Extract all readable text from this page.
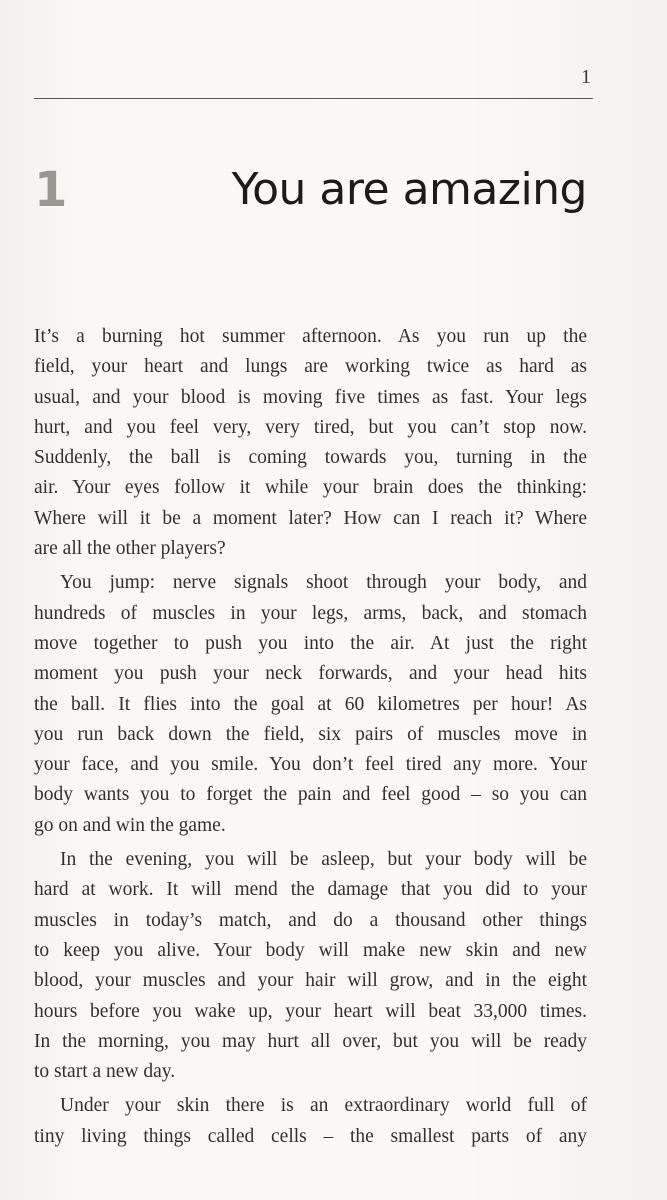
1
1	You are amazing

It’s a burning hot summer afternoon. As you run up the
field, your heart and lungs are working twice as hard as
usual, and your blood is moving five times as fast. Your legs
hurt, and you feel very, very tired, but you can’t stop now.
Suddenly, the ball is coming towards you, turning in the
air. Your eyes follow it while your brain does the thinking:
Where will it be a moment later? How can I reach it? Where
are all the other players?

You jump: nerve signals shoot through your body, and
hundreds of muscles in your legs, arms, back, and stomach
move together to push you into the air. At just the right
moment you push your neck forwards, and your head hits
the ball. It flies into the goal at 60 kilometres per hour! As
you run back down the field, six pairs of muscles move in
your face, and you smile. You don’t feel tired any more. Your
body wants you to forget the pain and feel good – so you can
go on and win the game.

In the evening, you will be asleep, but your body will be
hard at work. It will mend the damage that you did to your
muscles in today’s match, and do a thousand other things
to keep you alive. Your body will make new skin and new
blood, your muscles and your hair will grow, and in the eight
hours before you wake up, your heart will beat 33,000 times.
In the morning, you may hurt all over, but you will be ready
to start a new day.

Under your skin there is an extraordinary world full of
tiny living things called cells – the smallest parts of any
